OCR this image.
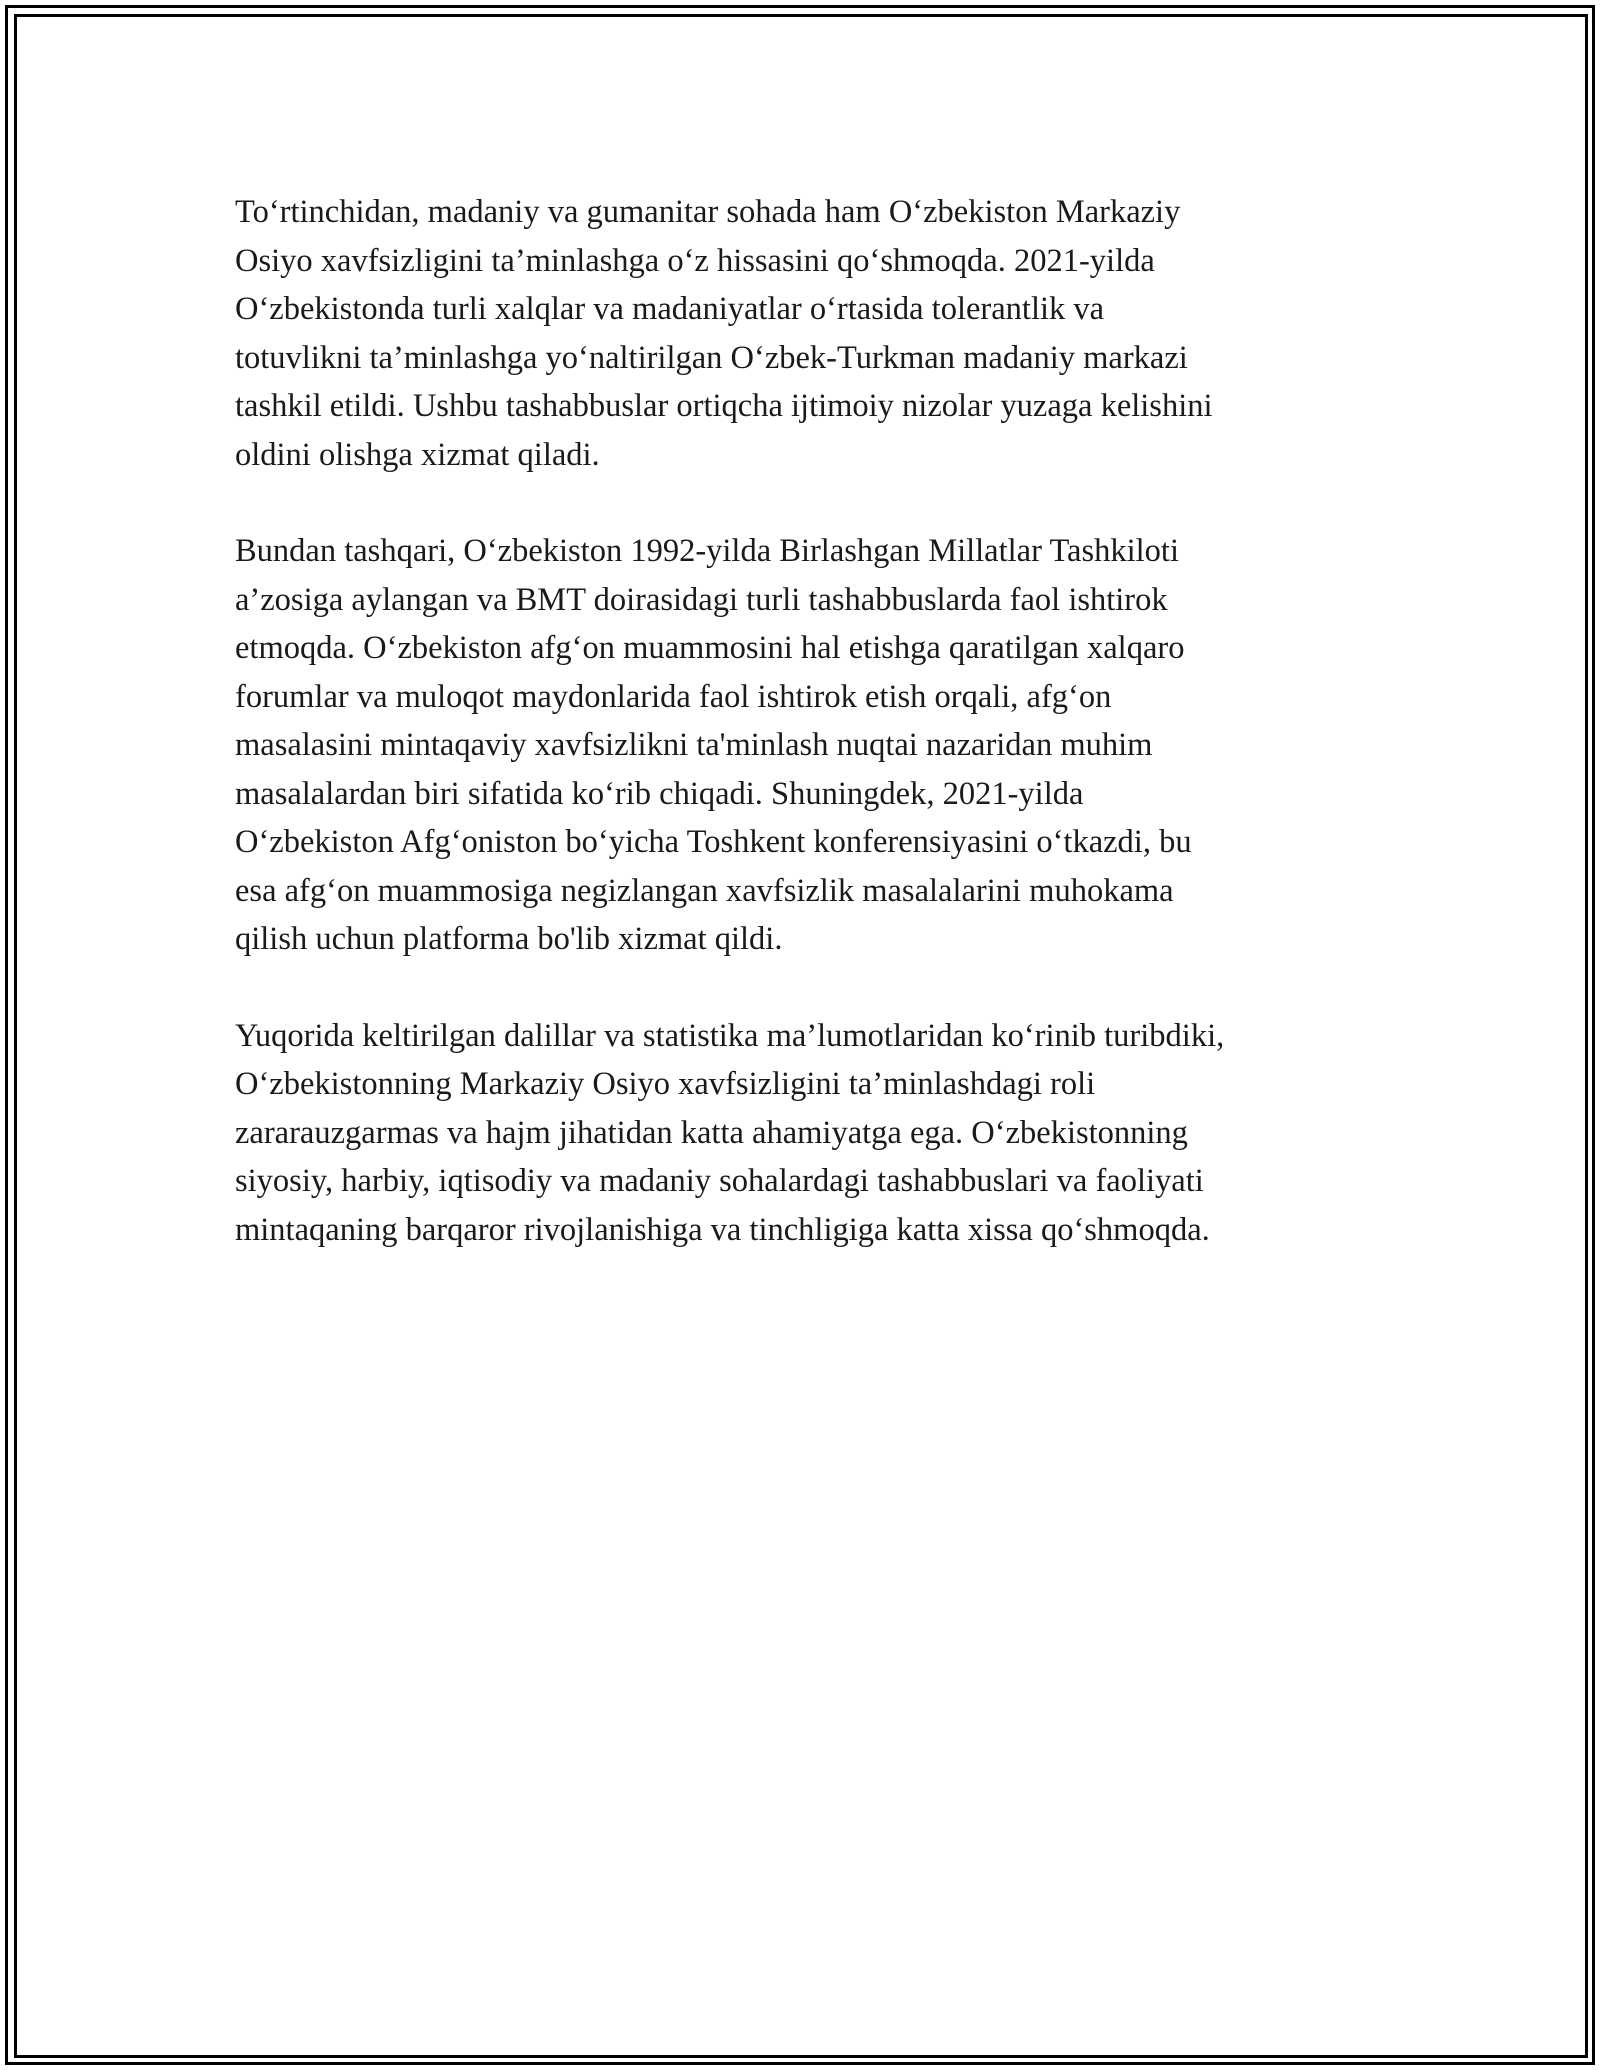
To‘rtinchidan, madaniy va gumanitar sohada ham O‘zbekiston Markaziy
Osiyo xavfsizligini ta’minlashga o‘z hissasini qo‘shmoqda. 2021-yilda
O‘zbekistonda turli xalqlar va madaniyatlar o‘rtasida tolerantlik va
totuvlikni ta’minlashga yo‘naltirilgan O‘zbek-Turkman madaniy markazi
tashkil etildi. Ushbu tashabbuslar ortiqcha ijtimoiy nizolar yuzaga kelishini
oldini olishga xizmat qiladi.

Bundan tashqari, O‘zbekiston 1992-yilda Birlashgan Millatlar Tashkiloti
a’zosiga aylangan va BMT doirasidagi turli tashabbuslarda faol ishtirok
etmoqda. O‘zbekiston afg‘on muammosini hal etishga qaratilgan xalqaro
forumlar va muloqot maydonlarida faol ishtirok etish orqali, afg‘on
masalasini mintaqaviy xavfsizlikni ta'minlash nuqtai nazaridan muhim
masalalardan biri sifatida ko‘rib chiqadi. Shuningdek, 2021-yilda
O‘zbekiston Afg‘oniston bo‘yicha Toshkent konferensiyasini o‘tkazdi, bu
esa afg‘on muammosiga negizlangan xavfsizlik masalalarini muhokama
qilish uchun platforma bo'lib xizmat qildi.

Yuqorida keltirilgan dalillar va statistika ma’lumotlaridan ko‘rinib turibdiki,
O‘zbekistonning Markaziy Osiyo xavfsizligini ta’minlashdagi roli
zararauzgarmas va hajm jihatidan katta ahamiyatga ega. O‘zbekistonning
siyosiy, harbiy, iqtisodiy va madaniy sohalardagi tashabbuslari va faoliyati
mintaqaning barqaror rivojlanishiga va tinchligiga katta xissa qo‘shmoqda.
